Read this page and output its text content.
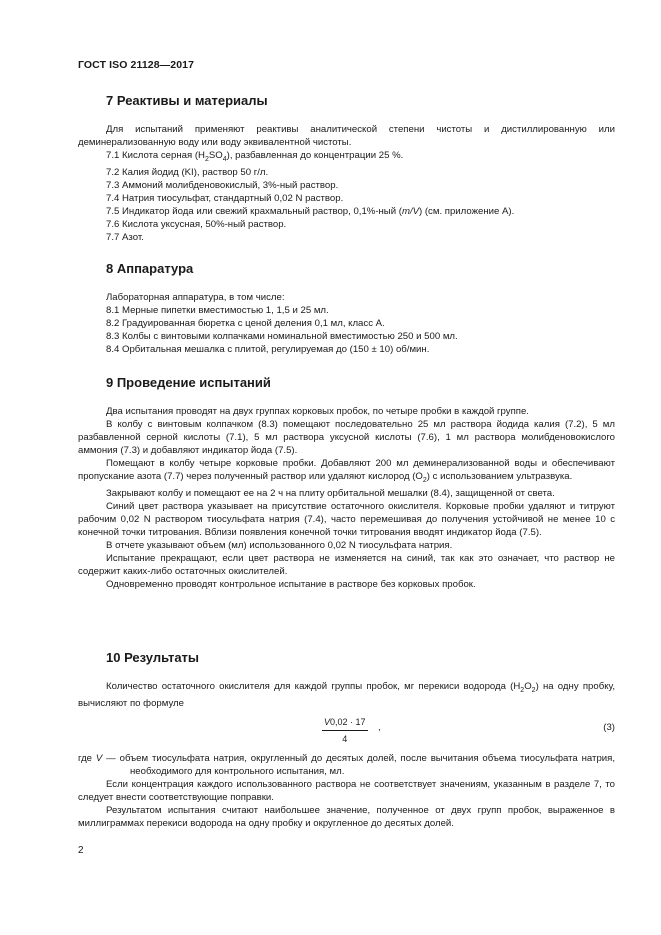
ГОСТ ISO 21128—2017
7 Реактивы и материалы

Для испытаний применяют реактивы аналитической степени чистоты и дистиллированную или деминерализованную воду или воду эквивалентной чистоты.

7.1 Кислота серная $(H_2SO_4)$, разбавленная до концентрации 25 %.

7.2 Калия йодид (KI), раствор 50 г/л.

7.3 Аммоний молибденовокислый, 3%-ный раствор.

7.4 Натрия тиосульфат, стандартный 0,02 N раствор.

7.5 Индикатор йода или свежий крахмальный раствор, 0,1%-ный (m/V) (см. приложение А).

7.6 Кислота уксусная, 50%-ный раствор.

7.7 Азот.

8 Аппаратура

Лабораторная аппаратура, в том числе:

8.1 Мерные пипетки вместимостью 1, 1,5 и 25 мл.

8.2 Градуированная бюретка с ценой деления 0,1 мл, класс А.

8.3 Колбы с винтовыми колпачками номинальной вместимостью 250 и 500 мл.

8.4 Орбитальная мешалка с плитой, регулируемая до (150 ± 10) об/мин.

9 Проведение испытаний

Два испытания проводят на двух группах корковых пробок, по четыре пробки в каждой группе.

В колбу с винтовым колпачком (8.3) помещают последовательно 25 мл раствора йодида калия (7.2), 5 мл разбавленной серной кислоты (7.1), 5 мл раствора уксусной кислоты (7.6), 1 мл раствора молибденовокислого аммония (7.3) и добавляют индикатор йода (7.5).

Помещают в колбу четыре корковые пробки. Добавляют 200 мл деминерализованной воды и обеспечивают пропускание азота (7.7) через полученный раствор или удаляют кислород $(O_2)$ с использованием ультразвука.

Закрывают колбу и помещают ее на 2 ч на плиту орбитальной мешалки (8.4), защищенной от света.

Синий цвет раствора указывает на присутствие остаточного окислителя. Корковые пробки удаляют и титруют рабочим 0,02 N раствором тиосульфата натрия (7.4), часто перемешивая до получения устойчивой не менее 10 с конечной точки титрования. Вблизи появления конечной точки титрования вводят индикатор йода (7.5).

В отчете указывают объем (мл) использованного 0,02 N тиосульфата натрия.

Испытание прекращают, если цвет раствора не изменяется на синий, так как это означает, что раствор не содержит каких-либо остаточных окислителей.

Одновременно проводят контрольное испытание в растворе без корковых пробок.

10 Результаты

Количество остаточного окислителя для каждой группы пробок, мг перекиси водорода $(H_2O_2)$ на одну пробку, вычисляют по формуле

$\frac{V0,02 \cdot 17}{4}$ ,	(3)

где V — объем тиосульфата натрия, округленный до десятых долей, после вычитания объема тиосульфата натрия, необходимого для контрольного испытания, мл.

Если концентрация каждого использованного раствора не соответствует значениям, указанным в разделе 7, то следует внести соответствующие поправки.

Результатом испытания считают наибольшее значение, полученное от двух групп пробок, выраженное в миллиграммах перекиси водорода на одну пробку и округленное до десятых долей.

2
